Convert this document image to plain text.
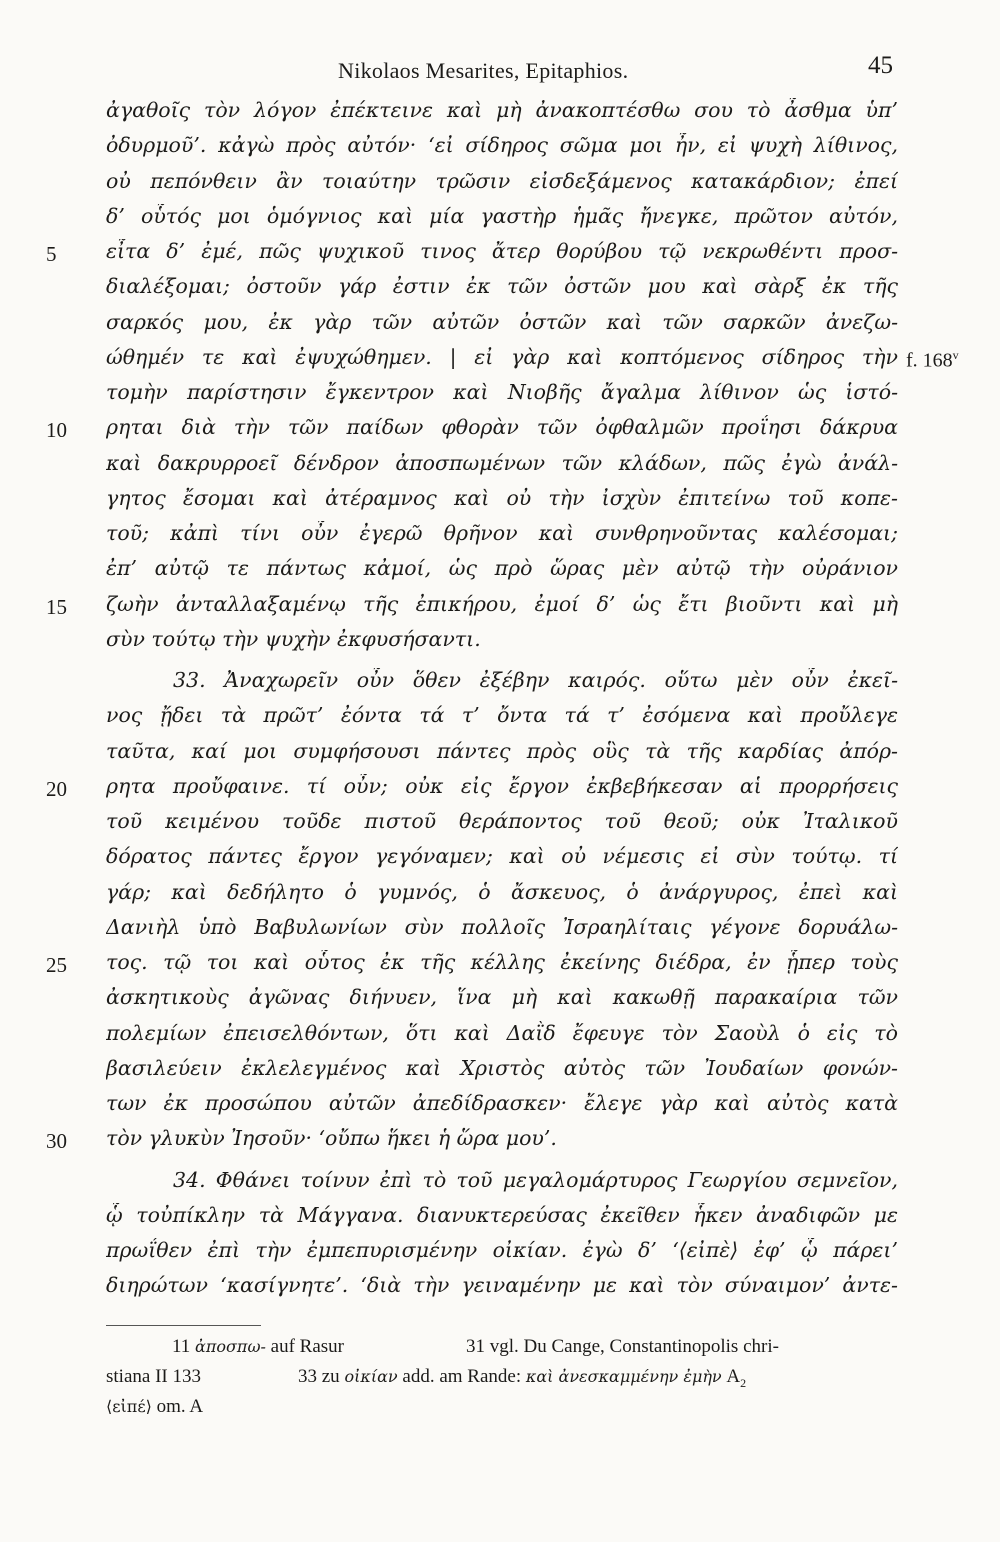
Nikolaos Mesarites, Epitaphios.	45
ἀγαθοῖς τὸν λόγον ἐπέκτεινε καὶ μὴ ἀνακοπτέσθω σου τὸ ἆσθμα ὑπ’
ὀδυρμοῦ’. κἀγὼ πρὸς αὐτόν· ‘εἰ σίδηρος σῶμα μοι ἦν, εἰ ψυχὴ λίθινος,
οὐ πεπόνθειν ἂν τοιαύτην τρῶσιν εἰσδεξάμενος κατακάρδιον; ἐπεί
δ’ οὗτός μοι ὁμόγνιος καὶ μία γαστὴρ ἡμᾶς ἤνεγκε, πρῶτον αὐτόν,
5	εἶτα δ’ ἐμέ, πῶς ψυχικοῦ τινος ἄτερ θορύβου τῷ νεκρωθέντι προσ-
διαλέξομαι; ὀστοῦν γάρ ἐστιν ἐκ τῶν ὀστῶν μου καὶ σὰρξ ἐκ τῆς
σαρκός μου, ἐκ γὰρ τῶν αὐτῶν ὀστῶν καὶ τῶν σαρκῶν ἀνεζω-
ώθημέν τε καὶ ἐψυχώθημεν. | εἰ γὰρ καὶ κοπτόμενος σίδηρος τὴν f. 168$^v$
τομὴν παρίστησιν ἔγκεντρον καὶ Νιοβῆς ἄγαλμα λίθινον ὡς ἱστό-
10	ρηται διὰ τὴν τῶν παίδων φθορὰν τῶν ὀφθαλμῶν προΐησι δάκρυα
καὶ δακρυρροεῖ δένδρον ἀποσπωμένων τῶν κλάδων, πῶς ἐγὼ ἀνάλ-
γητος ἔσομαι καὶ ἀτέραμνος καὶ οὐ τὴν ἰσχὺν ἐπιτείνω τοῦ κοπε-
τοῦ; κἀπὶ τίνι οὖν ἐγερῶ θρῆνον καὶ συνθρηνοῦντας καλέσομαι;
ἐπ’ αὐτῷ τε πάντως κἀμοί, ὡς πρὸ ὥρας μὲν αὐτῷ τὴν οὐράνιον
15	ζωὴν ἀνταλλαξαμένῳ τῆς ἐπικήρου, ἐμοί δ’ ὡς ἔτι βιοῦντι καὶ μὴ
σὺν τούτῳ τὴν ψυχὴν ἐκφυσήσαντι.
33. Ἀναχωρεῖν οὖν ὅθεν ἐξέβην καιρός. οὕτω μὲν οὖν ἐκεῖ-
νος ᾔδει τὰ πρῶτ’ ἐόντα τά τ’ ὄντα τά τ’ ἐσόμενα καὶ προὔλεγε
ταῦτα, καί μοι συμφήσουσι πάντες πρὸς οὓς τὰ τῆς καρδίας ἀπόρ-
20	ρητα προὔφαινε. τί οὖν; οὐκ εἰς ἔργον ἐκβεβήκεσαν αἱ προρρήσεις
τοῦ κειμένου τοῦδε πιστοῦ θεράποντος τοῦ θεοῦ; οὐκ Ἰταλικοῦ
δόρατος πάντες ἔργον γεγόναμεν; καὶ οὐ νέμεσις εἰ σὺν τούτῳ. τί
γάρ; καὶ δεδήλητο ὁ γυμνός, ὁ ἄσκευος, ὁ ἀνάργυρος, ἐπεὶ καὶ
Δανιὴλ ὑπὸ Βαβυλωνίων σὺν πολλοῖς Ἰσραηλίταις γέγονε δορυάλω-
25	τος. τῷ τοι καὶ οὗτος ἐκ τῆς κέλλης ἐκείνης διέδρα, ἐν ᾗπερ τοὺς
ἀσκητικοὺς ἀγῶνας διήνυεν, ἵνα μὴ καὶ κακωθῇ παρακαίρια τῶν
πολεμίων ἐπεισελθόντων, ὅτι καὶ Δαῒδ ἔφευγε τὸν Σαοὺλ ὁ εἰς τὸ
βασιλεύειν ἐκλελεγμένος καὶ Χριστὸς αὐτὸς τῶν Ἰουδαίων φονών-
των ἐκ προσώπου αὐτῶν ἀπεδίδρασκεν· ἔλεγε γὰρ καὶ αὐτὸς κατὰ
30	τὸν γλυκὺν Ἰησοῦν· ‘οὔπω ἥκει ἡ ὥρα μου’.
34. Φθάνει τοίνυν ἐπὶ τὸ τοῦ μεγαλομάρτυρος Γεωργίου σεμνεῖον,
ᾧ τοὐπίκλην τὰ Μάγγανα. διανυκτερεύσας ἐκεῖθεν ἧκεν ἀναδιφῶν με
πρωΐθεν ἐπὶ τὴν ἐμπεπυρισμένην οἰκίαν. ἐγὼ δ’ ‘⟨εἰπὲ⟩ ἐφ’ ᾧ πάρει’
διηρώτων ‘κασίγνητε’. ‘διὰ τὴν γειναμένην με καὶ τὸν σύναιμον’ ἀντε-
11 ἀποσπω- auf Rasur	31 vgl. Du Cange, Constantinopolis chri-
stiana II 133	33 zu οἰκίαν add. am Rande: καὶ ἀνεσκαμμένην ἐμὴν $A_2$
⟨εἰπέ⟩ om. A
